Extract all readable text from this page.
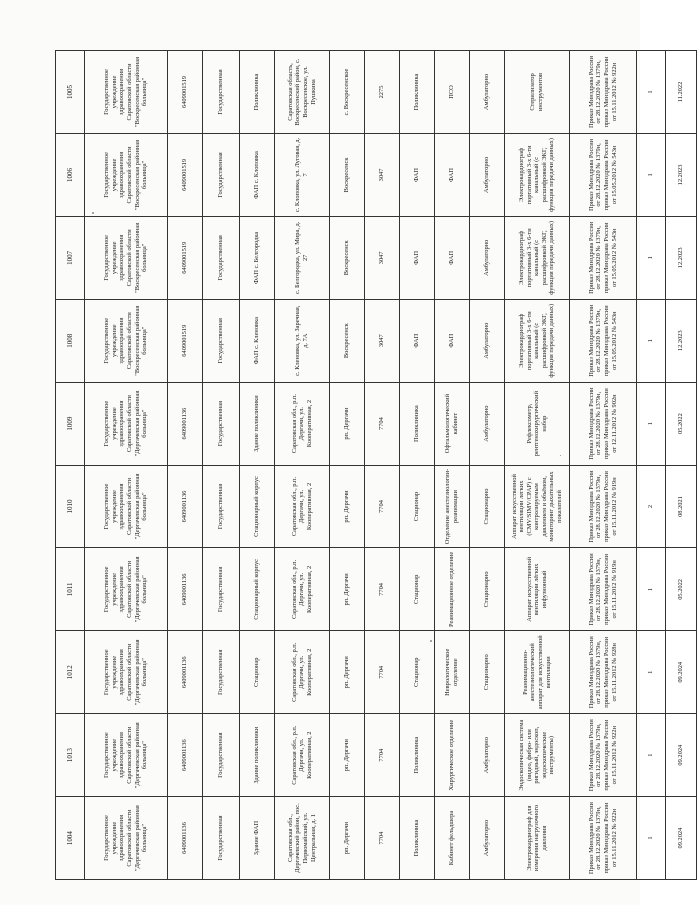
1004	1013	1012	1011	1010	1009	1008	1007	1006	1005
Государственное учреждение здравоохранения Саратовской области "Дергачевская районная больница"	Государственное учреждение здравоохранения Саратовской области "Дергачевская районная больница"	Государственное учреждение здравоохранения Саратовской области "Дергачевская районная больница"	Государственное учреждение здравоохранения Саратовской области "Дергачевская районная больница"	Государственное учреждение здравоохранения Саратовской области "Дергачевская районная больница"	Государственное учреждение здравоохранения Саратовской области "Дергачевская районная больница"	Государственное учреждение здравоохранения Саратовской области "Воскресенская районная больница"	Государственное учреждение здравоохранения Саратовской области "Воскресенская районная больница"	Государственное учреждение здравоохранения Саратовской области "Воскресенская районная больница"	Государственное учреждение здравоохранения Саратовской области "Воскресенская районная больница"
6409001136	6409001136	6409001136	6409001136	6409001136	6409001136	6409001519	6409001519	6409001519	6409001519
Государственная	Государственная	Государственная	Государственная	Государственная	Государственная	Государственная	Государственная	Государственная	Государственная
Здание ФАП	Здание поликлиники	Стационар	Стационарный корпус	Стационарный корпус	Здание поликлиники	ФАП с. Кленовка	ФАП с. Белгородка	ФАП с. Клоповка	Поликлиника
Саратовская обл., Дергачевский район, пос. Первомайский, ул. Центральная, д. 1	Саратовская обл., р.п. Дергачи, ул. Кооперативная, 2	Саратовская обл., р.п. Дергачи, ул. Кооперативная, 2	Саратовская обл., р.п. Дергачи, ул. Кооперативная, 2	Саратовская обл., р.п. Дергачи, ул. Кооперативная, 2	Саратовская обл., р.п. Дергачи, ул. Кооперативная, 2	с. Кленовка, ул. Заречная, д. 7А	с. Белгородка, ул. Мира, д. 27	с. Клоповка, ул. Луговая, д. 7	Саратовская область, Воскресенский район, с. Воскресенское, ул. Пушкина
рп. Дергачи	рп. Дергачи	рп. Дергачи	рп. Дергачи	рп. Дергачи	рп. Дергачи	Воскресенск	Воскресенск	Воскресенск	с. Воскресенское
7704	7704	7704	7704	7704	7704	3047	3047	3047	2275
Поликлиника	Поликлиника	Стационар	Стационар	Стационар	Поликлиника	ФАП	ФАП	ФАП	Поликлиника
Кабинет фельдшера	Хирургическое отделение	Неврологическое отделение	Реанимационное отделение	Отделение анестезиологии-реанимации	Офтальмологический кабинет	ФАП	ФАП	ФАП	ПСО
Амбулаторно	Амбулаторно	Стационарно	Стационарно	Стационарно	Амбулаторно	Амбулаторно	Амбулаторно	Амбулаторно	Амбулаторно
Электрокардиограф для измерения нагрузочного давления	Эндоскопическая система (видео, фибро- или ригидный, эндоскоп, эндоскопические инструменты)	Реанимационно-анестезиологический аппарат для искусственной вентиляции	Аппарат искусственной вентиляции лёгких инфузионный	Аппарат искусственной вентиляции легких (CMV/SIMV/CPAP) с контролируемым давлением и объёмом, мониторинг дыхательных показателей	Рефлексометр, рентгенохирургический набор	Электрокардиограф портативный 3-х 6-ти канальный (с расшифровкой ЭКГ, функция передачи данных)	Электрокардиограф портативный 3-х 6-ти канальный (с расшифровкой ЭКГ, функция передачи данных)	Электрокардиограф портативный 3-х 6-ти канальный (с расшифровкой ЭКГ, функция передачи данных)	Стерилизатор инструментов
Приказ Минздрава России от 28.12.2020 № 1379н, приказ Минздрава России от 15.11.2012 № 922н	Приказ Минздрава России от 28.12.2020 № 1379н, приказ Минздрава России от 15.11.2012 № 922н	Приказ Минздрава России от 28.12.2020 № 1379н, приказ Минздрава России от 15.11.2012 № 928н	Приказ Минздрава России от 28.12.2020 № 1379н, приказ Минздрава России от 15.11.2012 № 919н	Приказ Минздрава России от 28.12.2020 № 1379н, приказ Минздрава России от 15.11.2012 № 919н	Приказ Минздрава России от 28.12.2020 № 1379н, приказ Минздрава России от 12.11.2012 № 902н	Приказ Минздрава России от 28.12.2020 № 1379н, приказ Минздрава России от 15.05.2012 № 543н	Приказ Минздрава России от 28.12.2020 № 1379н, приказ Минздрава России от 15.05.2012 № 543н	Приказ Минздрава России от 28.12.2020 № 1379н, приказ Минздрава России от 15.05.2012 № 543н	Приказ Минздрава России от 28.12.2020 № 1379н, приказ Минздрава России от 15.11.2012 № 922н
1	1	1	1	2	1	1	1	1	1
09.2024	09.2024	09.2024	05.2022	08.2021	05.2022	12.2023	12.2023	12.2023	11.2022
